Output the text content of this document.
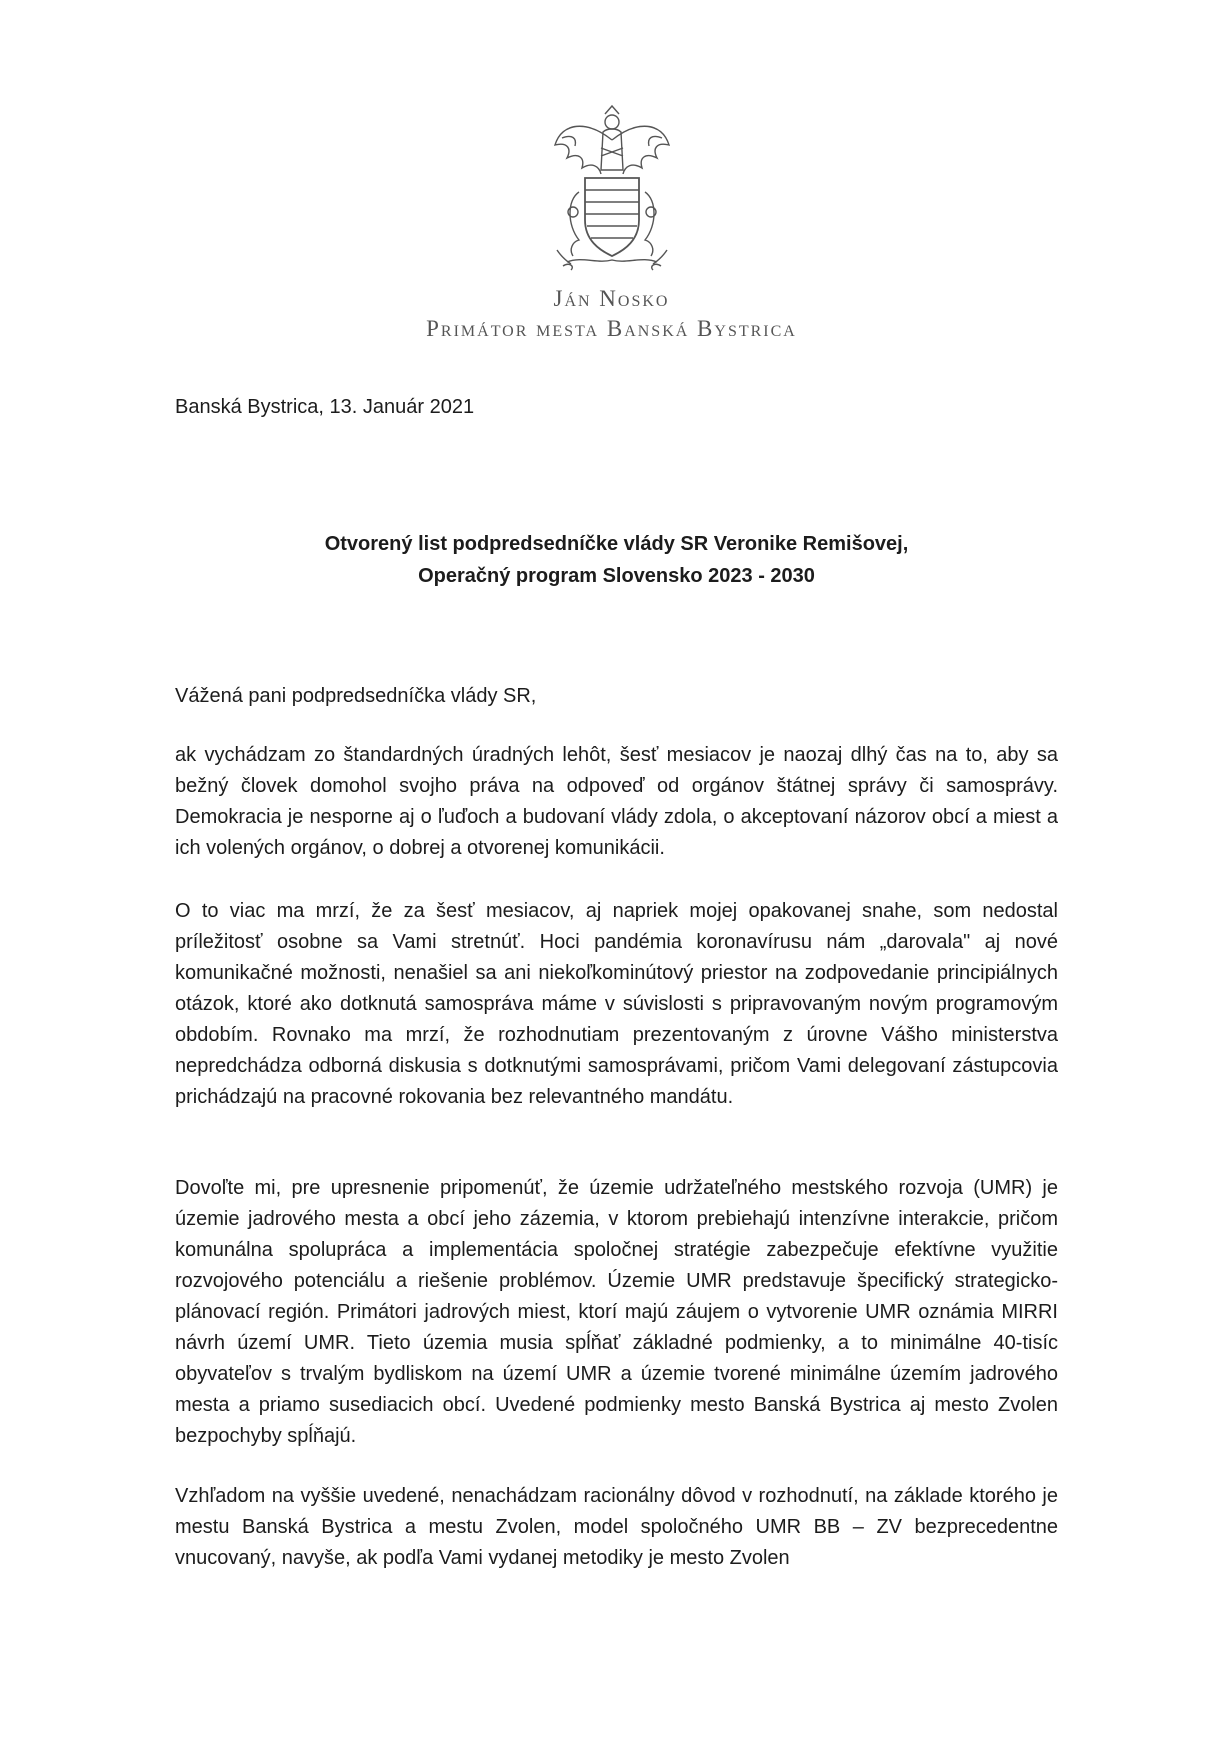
Ján Nosko
Primátor mesta Banská Bystrica
Banská Bystrica, 13. Január 2021
Otvorený list podpredsedníčke vlády SR Veronike Remišovej,
Operačný program Slovensko 2023 - 2030
Vážená pani podpredsedníčka vlády SR,
ak vychádzam zo štandardných úradných lehôt, šesť mesiacov je naozaj dlhý čas na to, aby sa bežný človek domohol svojho práva na odpoveď od orgánov štátnej správy či samosprávy. Demokracia je nesporne aj o ľuďoch a budovaní vlády zdola, o akceptovaní názorov obcí a miest a ich volených orgánov, o dobrej a otvorenej komunikácii.
O to viac ma mrzí, že za šesť mesiacov, aj napriek mojej opakovanej snahe, som nedostal príležitosť osobne sa Vami stretnúť. Hoci pandémia koronavírusu nám „darovala" aj nové komunikačné možnosti, nenašiel sa ani niekoľkominútový priestor na zodpovedanie principiálnych otázok, ktoré ako dotknutá samospráva máme v súvislosti s pripravovaným novým programovým obdobím. Rovnako ma mrzí, že rozhodnutiam prezentovaným z úrovne Vášho ministerstva nepredchádza odborná diskusia s dotknutými samosprávami, pričom Vami delegovaní zástupcovia prichádzajú na pracovné rokovania bez relevantného mandátu.
Dovoľte mi, pre upresnenie pripomenúť, že územie udržateľného mestského rozvoja (UMR) je územie jadrového mesta a obcí jeho zázemia, v ktorom prebiehajú intenzívne interakcie, pričom komunálna spolupráca a implementácia spoločnej stratégie zabezpečuje efektívne využitie rozvojového potenciálu a riešenie problémov. Územie UMR predstavuje špecifický strategicko-plánovací región. Primátori jadrových miest, ktorí majú záujem o vytvorenie UMR oznámia MIRRI návrh území UMR. Tieto územia musia spĺňať základné podmienky, a to minimálne 40-tisíc obyvateľov s trvalým bydliskom na území UMR a územie tvorené minimálne územím jadrového mesta a priamo susediacich obcí. Uvedené podmienky mesto Banská Bystrica aj mesto Zvolen bezpochyby spĺňajú.
Vzhľadom na vyššie uvedené, nenachádzam racionálny dôvod v rozhodnutí, na základe ktorého je mestu Banská Bystrica a mestu Zvolen, model spoločného UMR BB – ZV bezprecedentne vnucovaný, navyše, ak podľa Vami vydanej metodiky je mesto Zvolen
